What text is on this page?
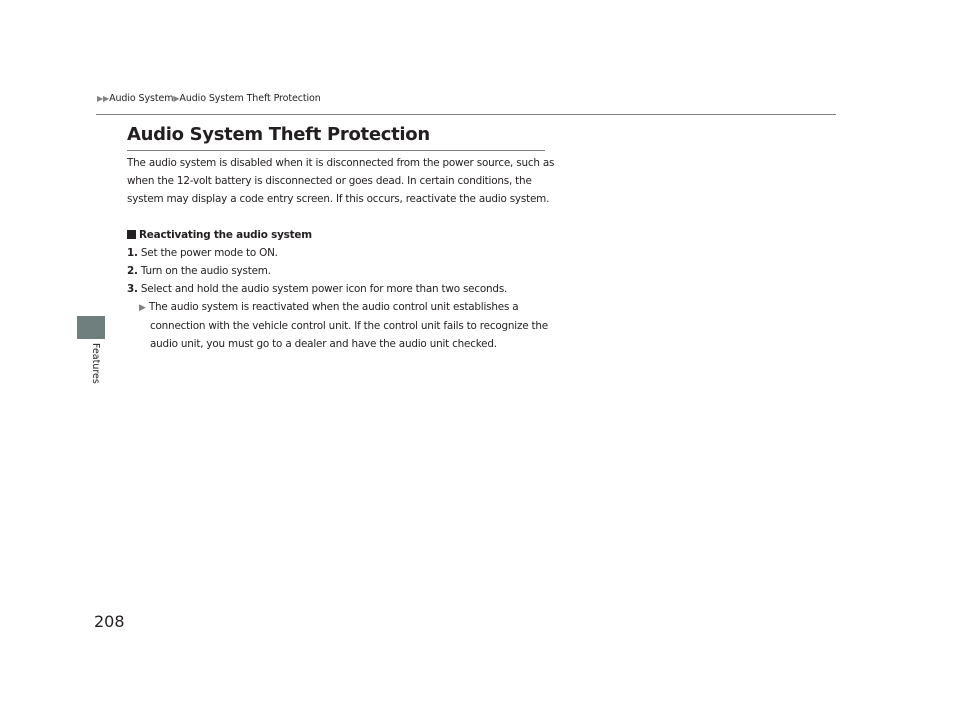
▶▶Audio System▶Audio System Theft Protection
Audio System Theft Protection

The audio system is disabled when it is disconnected from the power source, such as when the 12-volt battery is disconnected or goes dead. In certain conditions, the system may display a code entry screen. If this occurs, reactivate the audio system.

Reactivating the audio system

1. Set the power mode to ON.

2. Turn on the audio system.

3. Select and hold the audio system power icon for more than two seconds.

▶ The audio system is reactivated when the audio control unit establishes a connection with the vehicle control unit. If the control unit fails to recognize the audio unit, you must go to a dealer and have the audio unit checked.

Features
208
